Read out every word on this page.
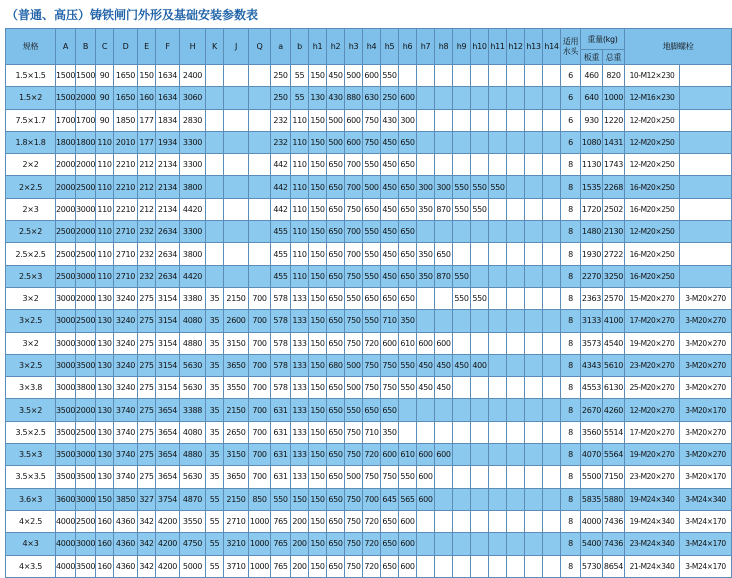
（普通、高压）铸铁闸门外形及基础安装参数表
规格	A	B	C	D	E	F	H	K	J	Q	a	b	h1	h2	h3	h4	h5	h6	h7	h8	h9	h10	h11	h12	h13	h14	适用水头	重量(kg)		地脚螺栓	
																												板重	总重		
1.5×1.5	1500	1500	90	1650	150	1634	2400				250	55	150	450	500	600	550										6	460	820	10-M12×230	
1.5×2	1500	2000	90	1650	160	1634	3060				250	55	130	430	880	630	250	600									6	640	1000	12-M16×230	
7.5×1.7	1700	1700	90	1850	177	1834	2830				232	110	150	500	600	750	430	300									6	930	1220	12-M20×250	
1.8×1.8	1800	1800	110	2010	177	1934	3300				232	110	150	500	600	750	450	650									6	1080	1431	12-M20×250	
2×2	2000	2000	110	2210	212	2134	3300				442	110	150	650	700	550	450	650									8	1130	1743	12-M20×250	
2×2.5	2000	2500	110	2210	212	2134	3800				442	110	150	650	700	500	450	650	300	300	550	550	550				8	1535	2268	16-M20×250	
2×3	2000	3000	110	2210	212	2134	4420				442	110	150	650	750	650	450	650	350	870	550	550					8	1720	2502	16-M20×250	
2.5×2	2500	2000	110	2710	232	2634	3300				455	110	150	650	700	550	450	650									8	1480	2130	12-M20×250	
2.5×2.5	2500	2500	110	2710	232	2634	3800				455	110	150	650	700	550	450	650	350	650							8	1930	2722	16-M20×250	
2.5×3	2500	3000	110	2710	232	2634	4420				455	110	150	650	750	550	450	650	350	870	550						8	2270	3250	16-M20×250	
3×2	3000	2000	130	3240	275	3154	3380	35	2150	700	578	133	150	650	550	650	650	650			550	550					8	2363	2570	15-M20×270	3-M20×270
3×2.5	3000	2500	130	3240	275	3154	4080	35	2600	700	578	133	150	650	750	550	710	350									8	3133	4100	17-M20×270	3-M20×270
3×2	3000	3000	130	3240	275	3154	4880	35	3150	700	578	133	150	650	750	720	600	610	600	600							8	3573	4540	19-M20×270	3-M20×270
3×2.5	3000	3500	130	3240	275	3154	5630	35	3650	700	578	133	150	680	500	750	750	550	450	450	450	400					8	4343	5610	23-M20×270	3-M20×270
3×3.8	3000	3800	130	3240	275	3154	5630	35	3550	700	578	133	150	650	500	750	750	550	450	450							8	4553	6130	25-M20×270	3-M20×270
3.5×2	3500	2000	130	3740	275	3654	3388	35	2150	700	631	133	150	650	550	650	650										8	2670	4260	12-M20×270	3-M20×170
3.5×2.5	3500	2500	130	3740	275	3654	4080	35	2650	700	631	133	150	650	750	710	350										8	3560	5514	17-M20×270	3-M20×270
3.5×3	3500	3000	130	3740	275	3654	4880	35	3150	700	631	133	150	650	750	720	600	610	600	600							8	4070	5564	19-M20×270	3-M20×270
3.5×3.5	3500	3500	130	3740	275	3654	5630	35	3650	700	631	133	150	650	500	750	750	550	600								8	5500	7150	23-M20×270	3-M20×170
3.6×3	3600	3000	150	3850	327	3754	4870	55	2150	850	550	150	150	650	750	700	645	565	600								8	5835	5880	19-M24×340	3-M24×340
4×2.5	4000	2500	160	4360	342	4200	3550	55	2710	1000	765	200	150	650	750	720	650	600									8	4000	7436	19-M24×340	3-M24×170
4×3	4000	3000	160	4360	342	4200	4750	55	3210	1000	765	200	150	650	750	720	650	600									8	5400	7436	23-M24×340	3-M24×170
4×3.5	4000	3500	160	4360	342	4200	5000	55	3710	1000	765	200	150	650	750	720	650	600									8	5730	8654	21-M24×340	3-M24×170
